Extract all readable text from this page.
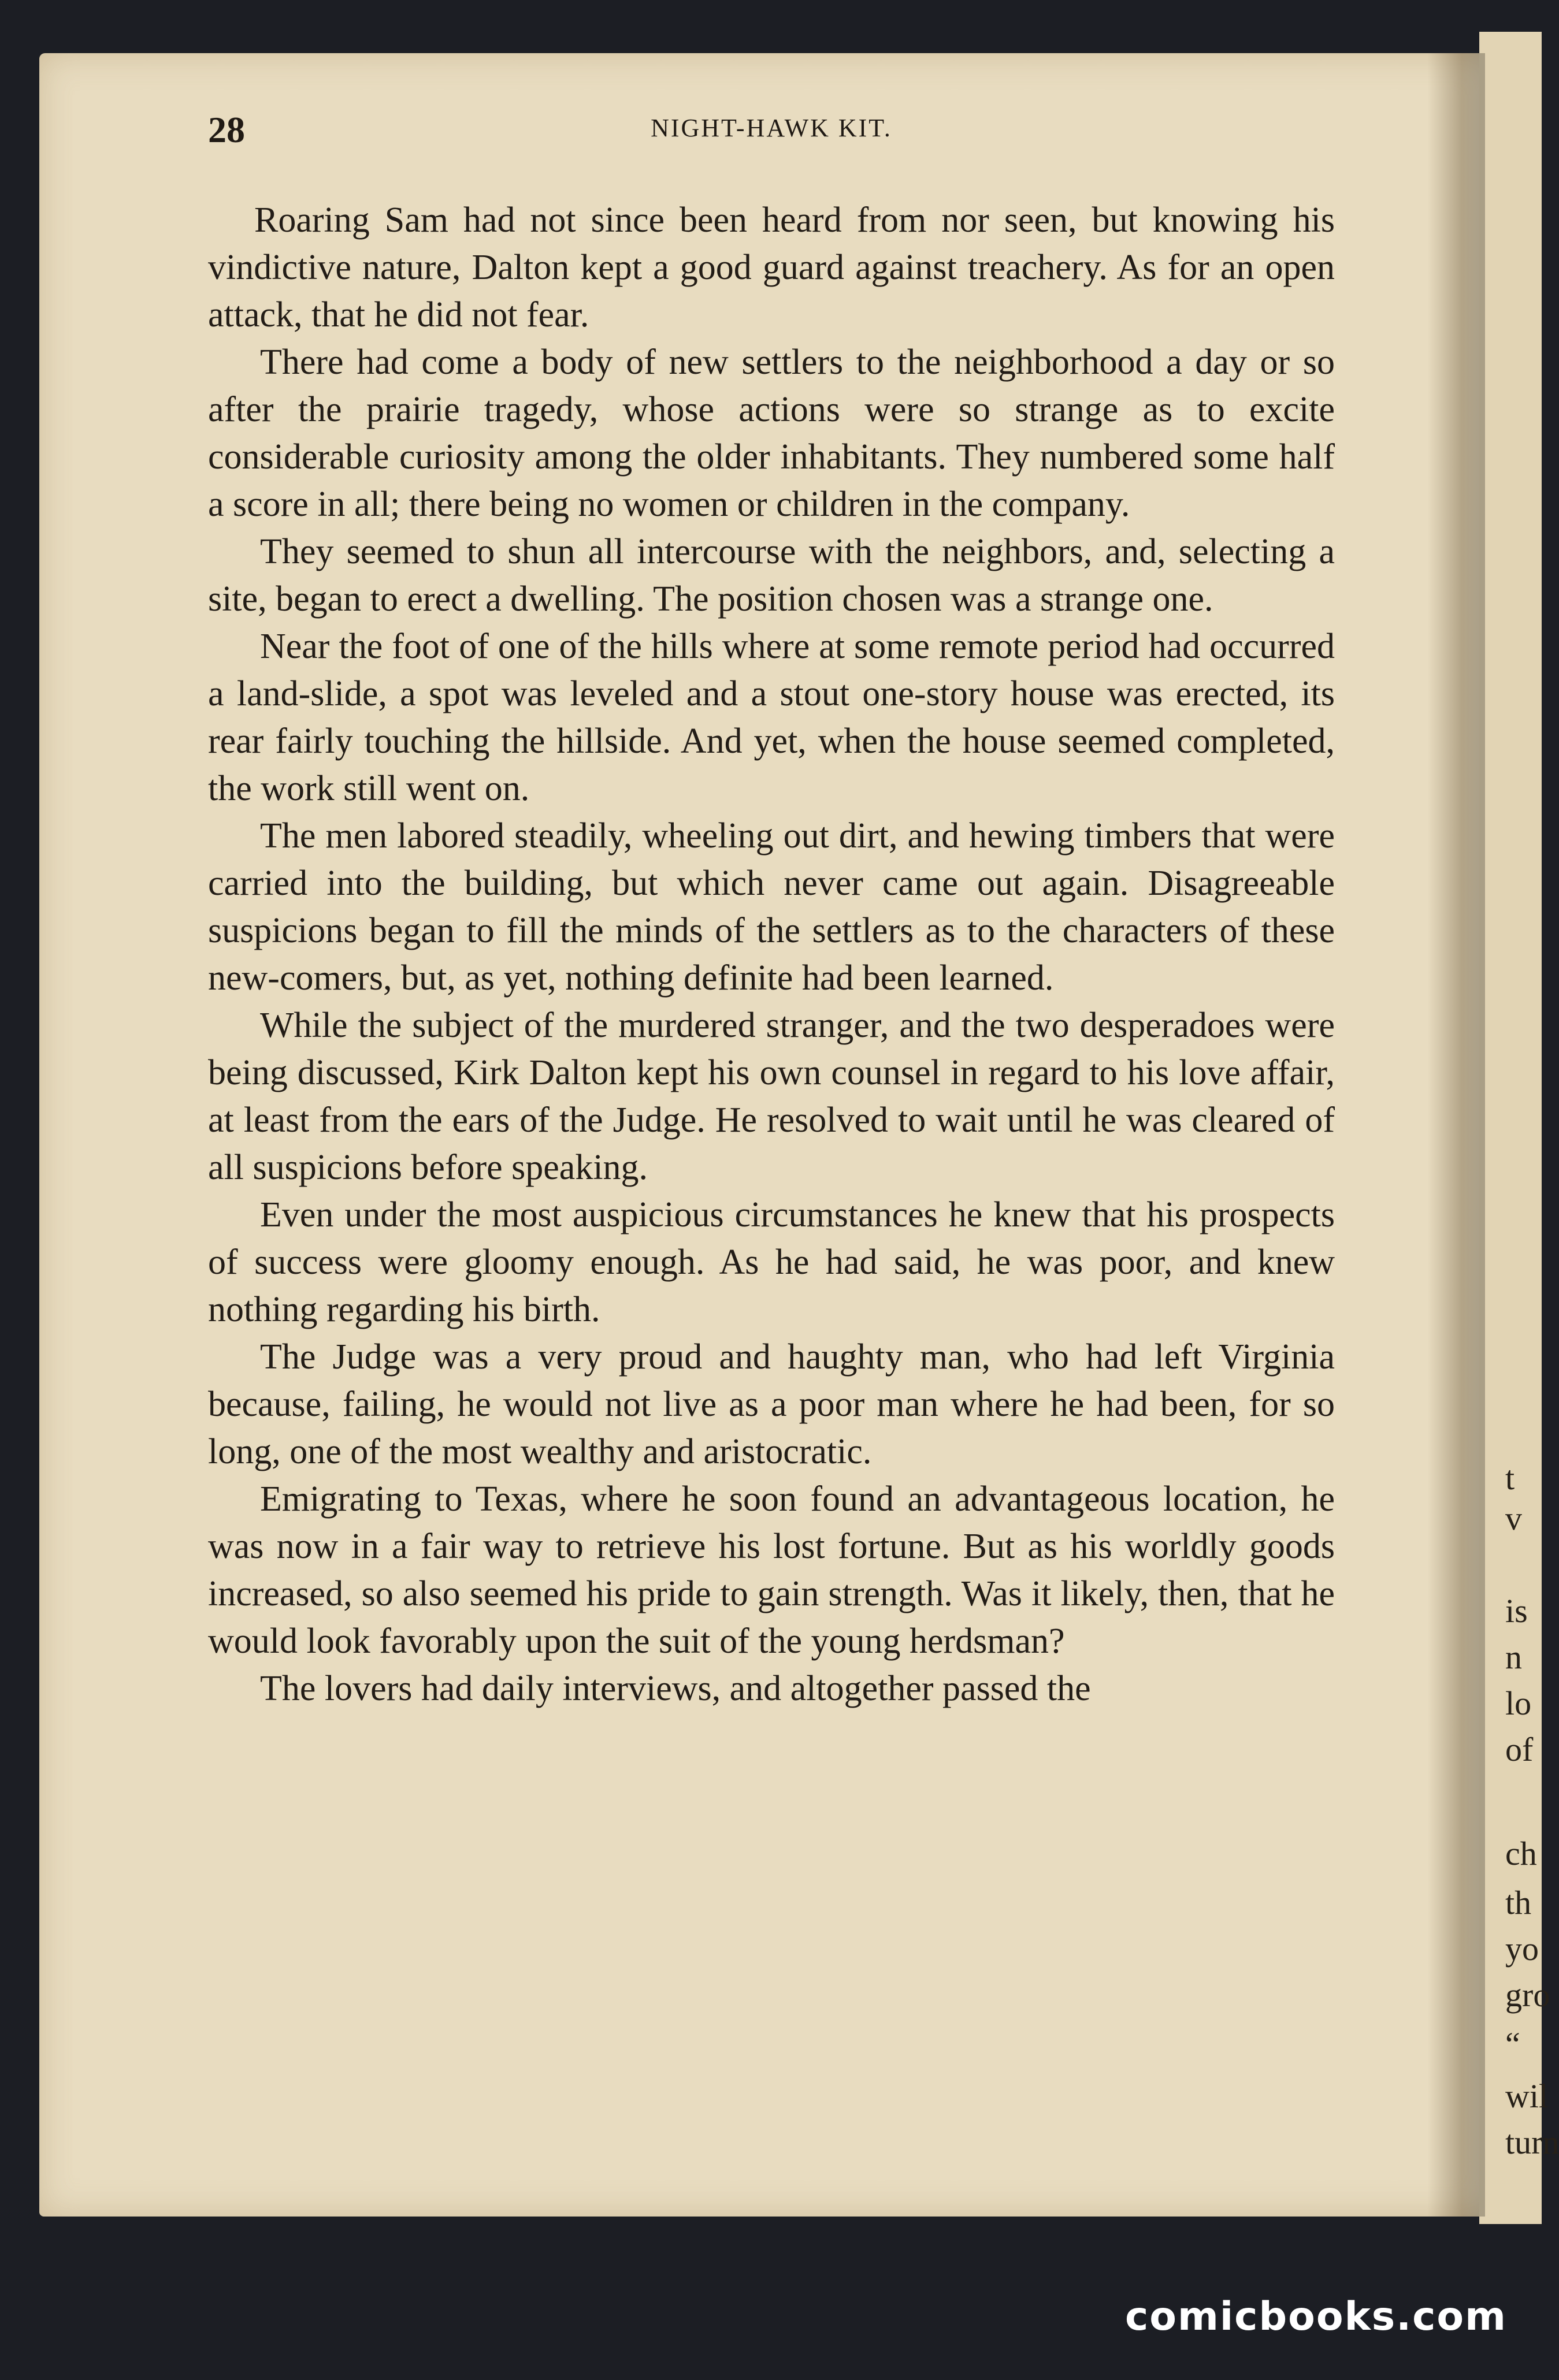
28	NIGHT-HAWK KIT.

Roaring Sam had not since been heard from nor seen, but knowing his vindictive nature, Dalton kept a good guard against treachery. As for an open attack, that he did not fear.

There had come a body of new settlers to the neighborhood a day or so after the prairie tragedy, whose actions were so strange as to excite considerable curiosity among the older inhabitants. They numbered some half a score in all; there being no women or children in the company.

They seemed to shun all intercourse with the neighbors, and, selecting a site, began to erect a dwelling. The position chosen was a strange one.

Near the foot of one of the hills where at some remote period had occurred a land-slide, a spot was leveled and a stout one-story house was erected, its rear fairly touching the hillside. And yet, when the house seemed completed, the work still went on.

The men labored steadily, wheeling out dirt, and hewing timbers that were carried into the building, but which never came out again. Disagreeable suspicions began to fill the minds of the settlers as to the characters of these new-comers, but, as yet, nothing definite had been learned.

While the subject of the murdered stranger, and the two desperadoes were being discussed, Kirk Dalton kept his own counsel in regard to his love affair, at least from the ears of the Judge. He resolved to wait until he was cleared of all suspicions before speaking.

Even under the most auspicious circumstances he knew that his prospects of success were gloomy enough. As he had said, he was poor, and knew nothing regarding his birth.

The Judge was a very proud and haughty man, who had left Virginia because, failing, he would not live as a poor man where he had been, for so long, one of the most wealthy and aristocratic.

Emigrating to Texas, where he soon found an advantageous location, he was now in a fair way to retrieve his lost fortune. But as his worldly goods increased, so also seemed his pride to gain strength. Was it likely, then, that he would look favorably upon the suit of the young herdsman?

The lovers had daily interviews, and altogether passed the

t
v
is
n
lo
of
ch
th
yo
gro
“
wil
turn
comicbooks.com
